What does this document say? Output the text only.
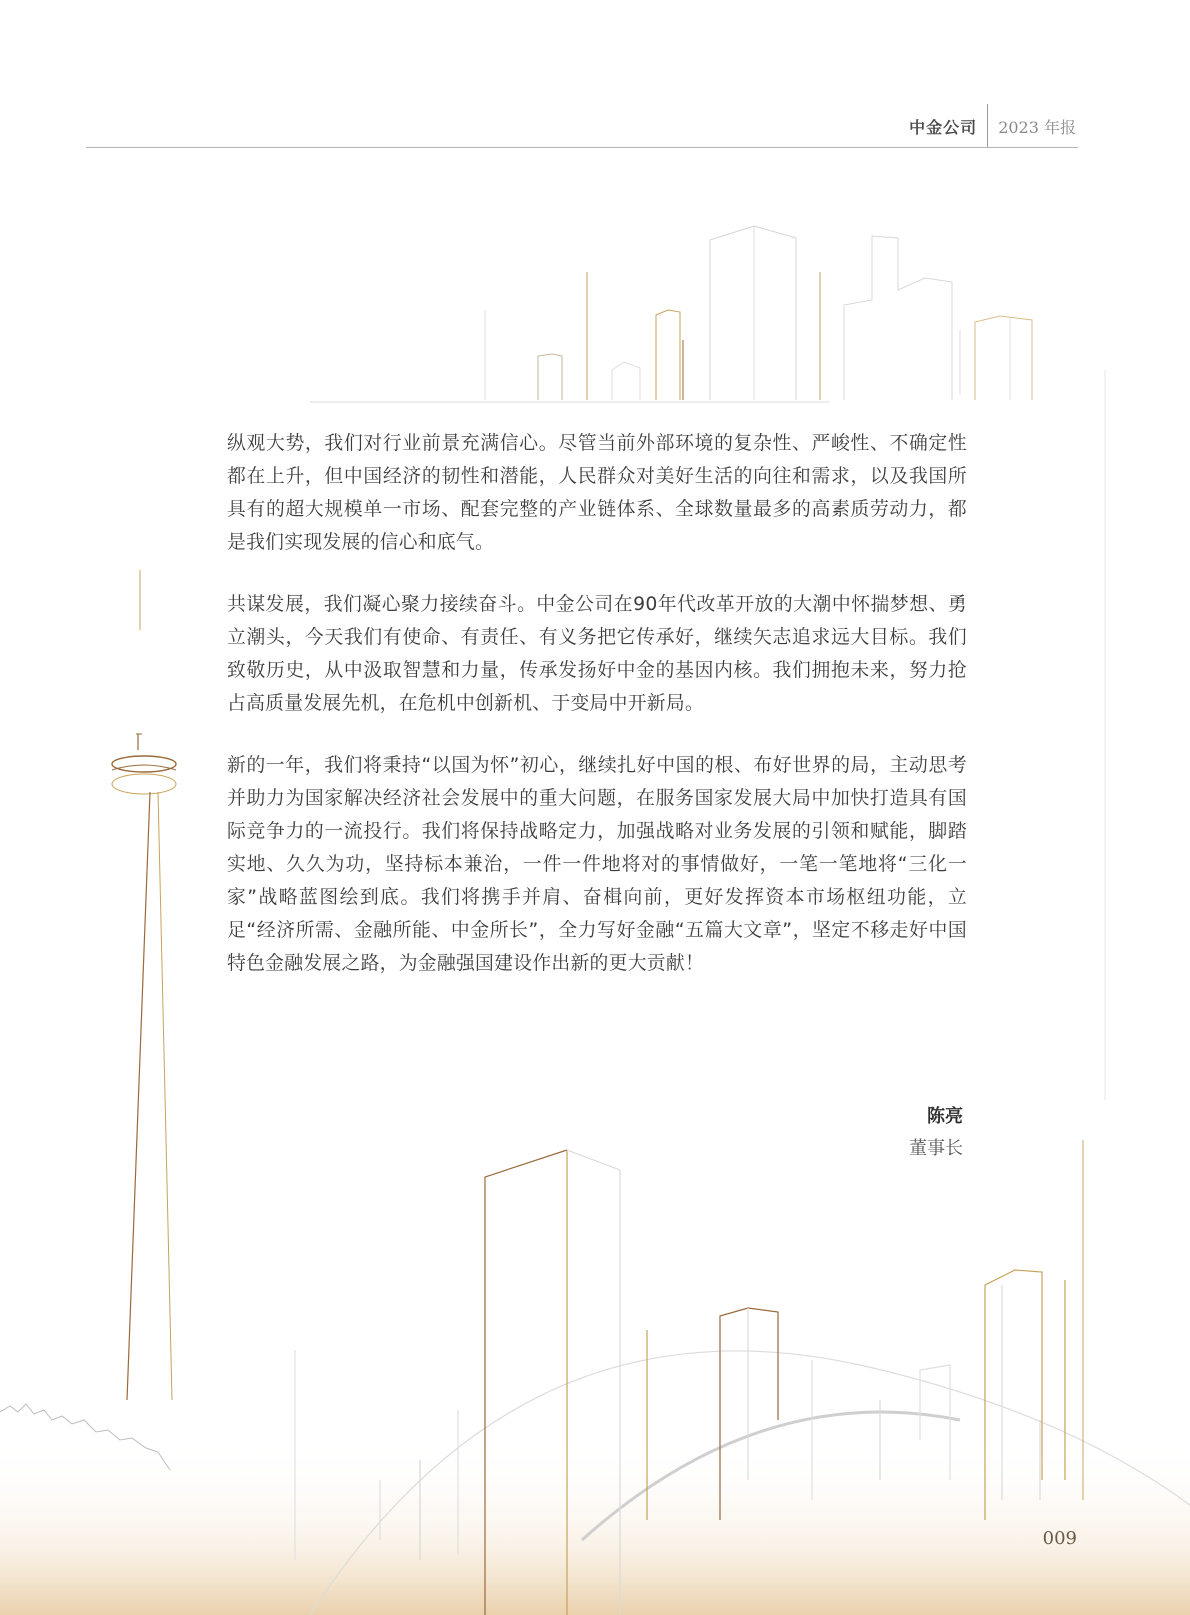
中金公司	2023 年报

纵观大势，我们对行业前景充满信心。尽管当前外部环境的复杂性、严峻性、不确定性都在上升，但中国经济的韧性和潜能，人民群众对美好生活的向往和需求，以及我国所具有的超大规模单一市场、配套完整的产业链体系、全球数量最多的高素质劳动力，都是我们实现发展的信心和底气。

共谋发展，我们凝心聚力接续奋斗。中金公司在90年代改革开放的大潮中怀揣梦想、勇立潮头，今天我们有使命、有责任、有义务把它传承好，继续矢志追求远大目标。我们致敬历史，从中汲取智慧和力量，传承发扬好中金的基因内核。我们拥抱未来，努力抢占高质量发展先机，在危机中创新机、于变局中开新局。

新的一年，我们将秉持“以国为怀”初心，继续扎好中国的根、布好世界的局，主动思考并助力为国家解决经济社会发展中的重大问题，在服务国家发展大局中加快打造具有国际竞争力的一流投行。我们将保持战略定力，加强战略对业务发展的引领和赋能，脚踏实地、久久为功，坚持标本兼治，一件一件地将对的事情做好，一笔一笔地将“三化一家”战略蓝图绘到底。我们将携手并肩、奋楫向前，更好发挥资本市场枢纽功能，立足“经济所需、金融所能、中金所长”，全力写好金融“五篇大文章”，坚定不移走好中国特色金融发展之路，为金融强国建设作出新的更大贡献！

陈亮
董事长
009
